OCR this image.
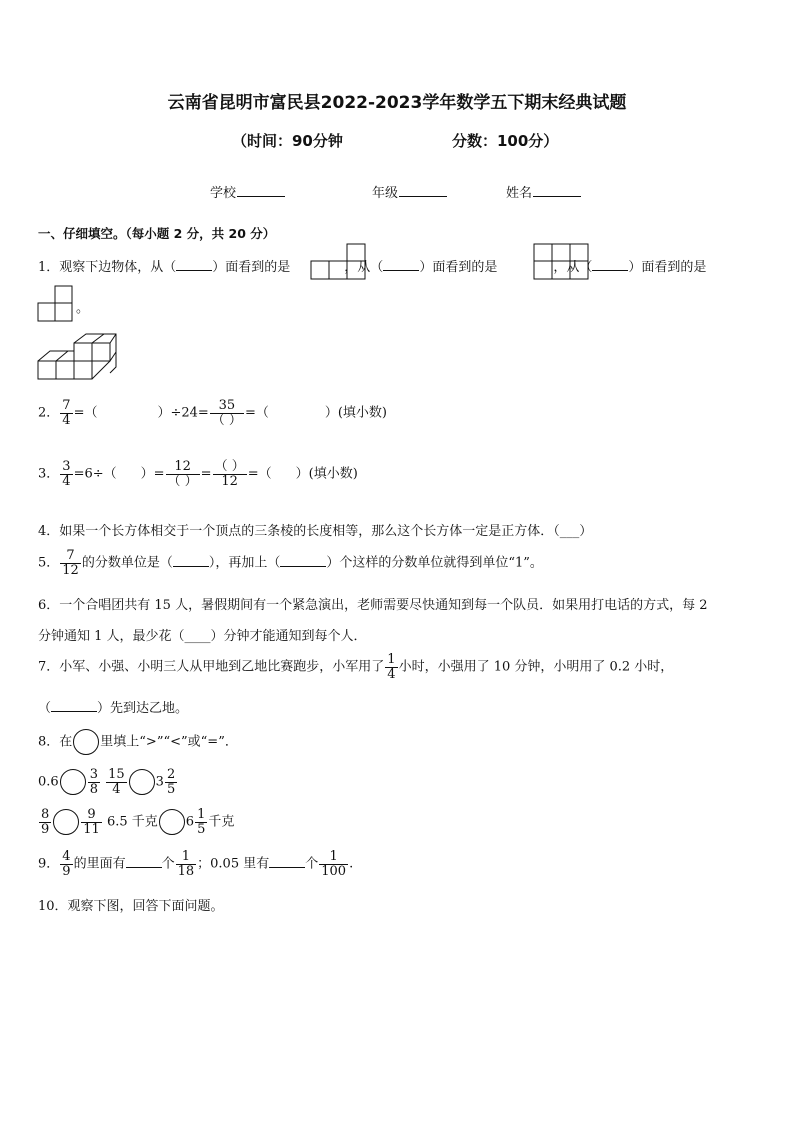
云南省昆明市富民县2022-2023学年数学五下期末经典试题
（时间：90分钟	分数：100分）
学校	年级	姓名
一、仔细填空。（每小题 2 分，共 20 分）
1．观察下边物体，从（	）面看到的是	，从（	）面看到的是	，从（	）面看到的是
。
2． $\frac{7}{4}$ =（	）$\div 24= \frac{35}{( )}$ =（	）(填小数)
3． $\frac{3}{4} =6\div$（ ）= $\frac{12}{( )} = \frac{( )}{12}$ =（ ）(填小数)
4．如果一个长方体相交于一个顶点的三条棱的长度相等，那么这个长方体一定是正方体．（___）
5． $\frac{7}{12}$ 的分数单位是（	），再加上（	）个这样的分数单位就得到单位“1”。
6．一个合唱团共有 15 人，暑假期间有一个紧急演出，老师需要尽快通知到每一个队员．如果用打电话的方式，每 2
分钟通知 1 人，最少花（____）分钟才能通知到每个人．
7．小军、小强、小明三人从甲地到乙地比赛跑步，小军用了 $\frac{1}{4}$ 小时，小强用了 10 分钟，小明用了 0.2 小时，
（	）先到达乙地。
8．在 里填上“>”“<”或“=”．
$0.6 \frac{3}{8}$
$\frac{15}{4} 3 \frac{2}{5}$
$\frac{8}{9} \frac{9}{11} 6.5$ 千克 $6 \frac{1}{5}$ 千克
9． $\frac{4}{9}$ 的里面有	个 $\frac{1}{18}$ ；0.05 里有	个 $\frac{1}{100}$ .
10．观察下图，回答下面问题。
